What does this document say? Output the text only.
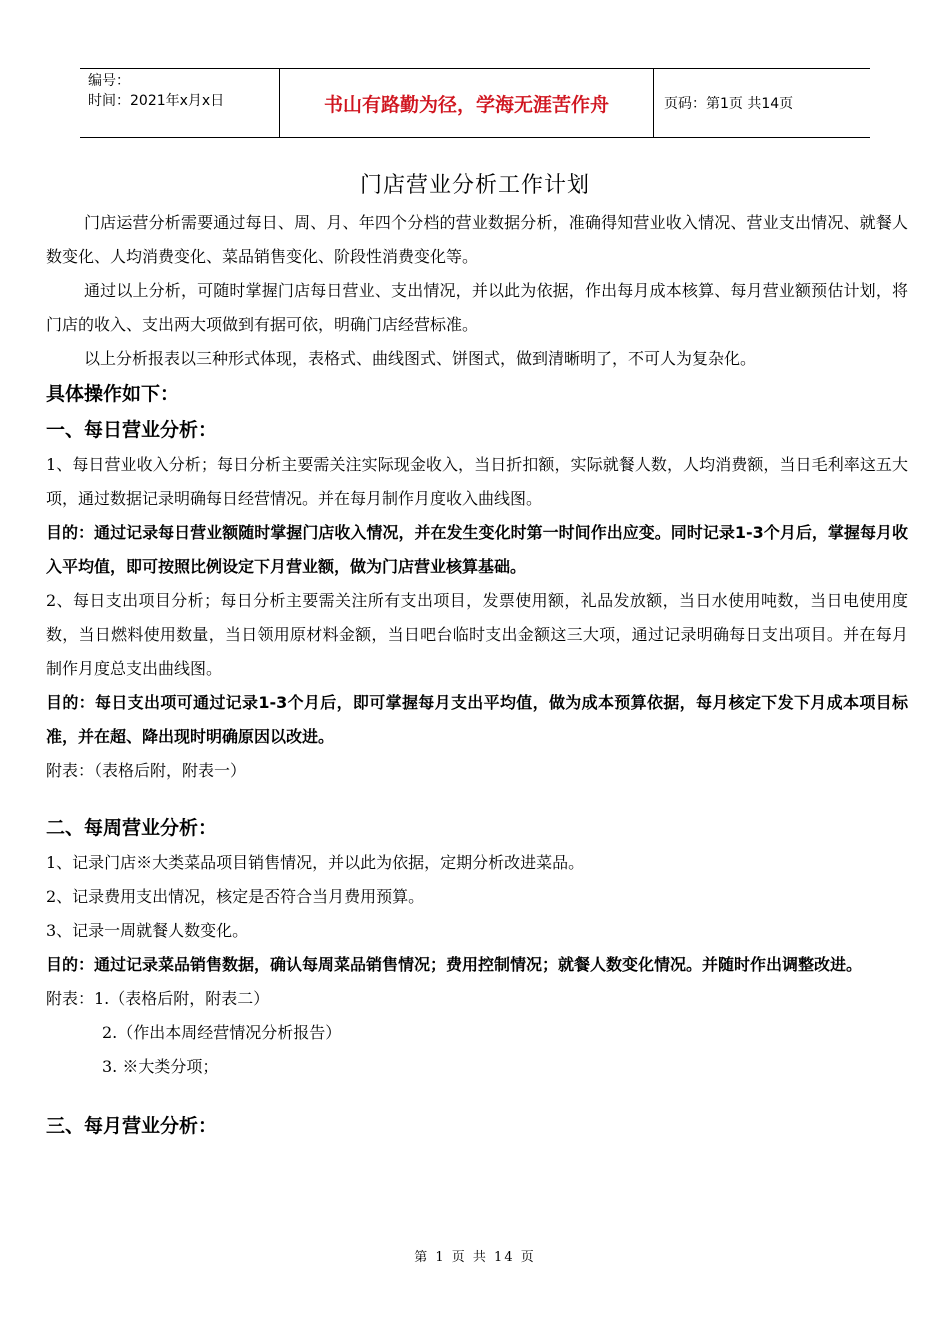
编号：
时间：2021年x月x日	书山有路勤为径，学海无涯苦作舟	页码：第1页 共14页
门店营业分析工作计划

门店运营分析需要通过每日、周、月、年四个分档的营业数据分析，准确得知营业收入情况、营业支出情况、就餐人数变化、人均消费变化、菜品销售变化、阶段性消费变化等。

通过以上分析，可随时掌握门店每日营业、支出情况，并以此为依据，作出每月成本核算、每月营业额预估计划，将门店的收入、支出两大项做到有据可依，明确门店经营标准。

以上分析报表以三种形式体现，表格式、曲线图式、饼图式，做到清晰明了，不可人为复杂化。

具体操作如下：

一、每日营业分析：

1、每日营业收入分析；每日分析主要需关注实际现金收入，当日折扣额，实际就餐人数，人均消费额，当日毛利率这五大项，通过数据记录明确每日经营情况。并在每月制作月度收入曲线图。

目的：通过记录每日营业额随时掌握门店收入情况，并在发生变化时第一时间作出应变。同时记录1-3个月后，掌握每月收入平均值，即可按照比例设定下月营业额，做为门店营业核算基础。

2、每日支出项目分析；每日分析主要需关注所有支出项目，发票使用额，礼品发放额，当日水使用吨数，当日电使用度数，当日燃料使用数量，当日领用原材料金额，当日吧台临时支出金额这三大项，通过记录明确每日支出项目。并在每月制作月度总支出曲线图。

目的：每日支出项可通过记录1-3个月后，即可掌握每月支出平均值，做为成本预算依据，每月核定下发下月成本项目标准，并在超、降出现时明确原因以改进。

附表：（表格后附，附表一）

二、每周营业分析：

1、记录门店※大类菜品项目销售情况，并以此为依据，定期分析改进菜品。

2、记录费用支出情况，核定是否符合当月费用预算。

3、记录一周就餐人数变化。

目的：通过记录菜品销售数据，确认每周菜品销售情况；费用控制情况；就餐人数变化情况。并随时作出调整改进。

附表：1.（表格后附，附表二）

2.（作出本周经营情况分析报告）

3. ※大类分项；

三、每月营业分析：

第 1 页 共 14 页
